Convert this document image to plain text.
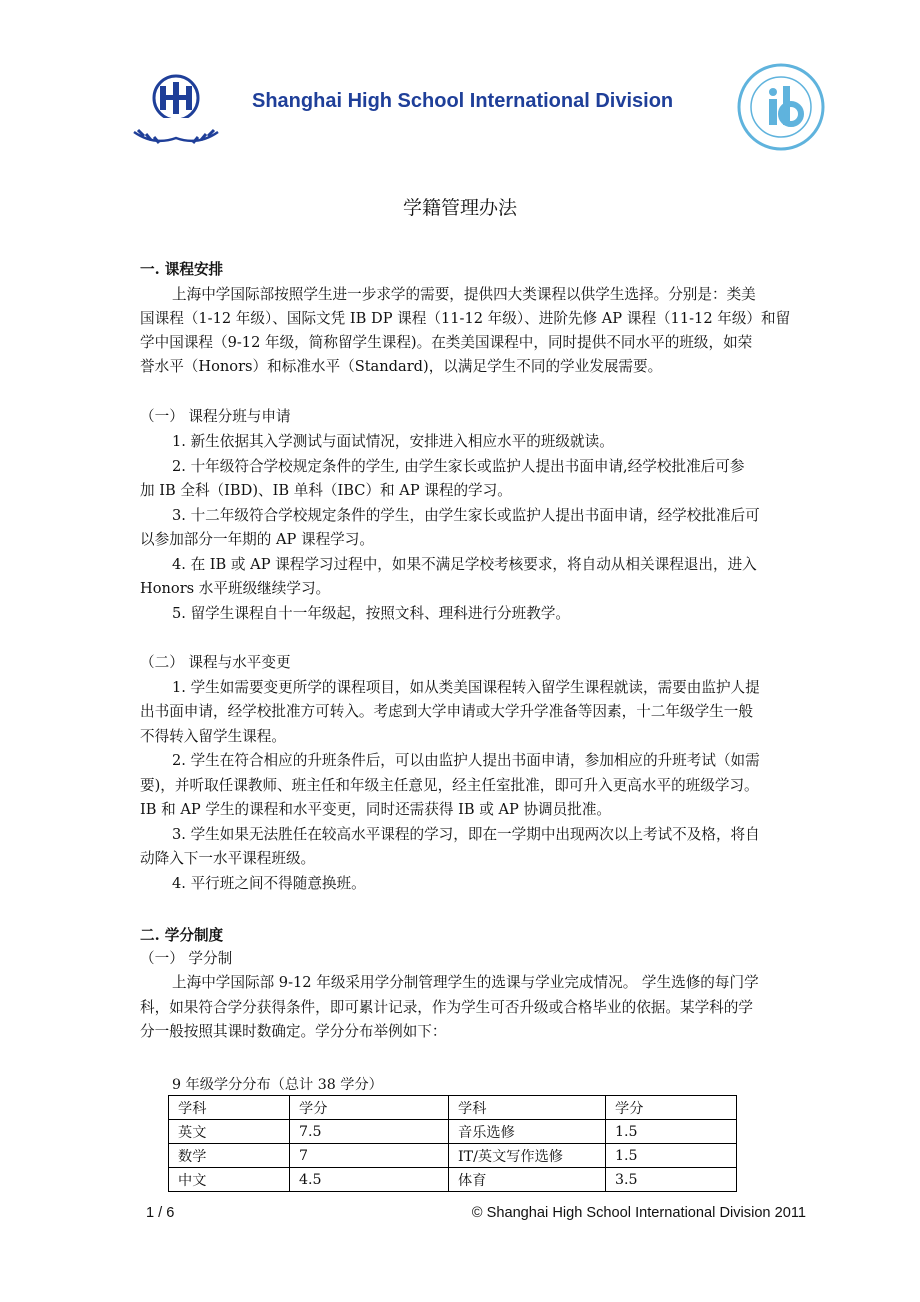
Shanghai High School International Division
学籍管理办法
一. 课程安排
上海中学国际部按照学生进一步求学的需要，提供四大类课程以供学生选择。分别是：类美
国课程（1-12 年级）、国际文凭 IB DP 课程（11-12 年级）、进阶先修 AP 课程（11-12 年级）和留
学中国课程（9-12 年级，简称留学生课程)。在类美国课程中，同时提供不同水平的班级，如荣
誉水平（Honors）和标准水平（Standard)，以满足学生不同的学业发展需要。
（一） 课程分班与申请
1. 新生依据其入学测试与面试情况，安排进入相应水平的班级就读。
2. 十年级符合学校规定条件的学生, 由学生家长或监护人提出书面申请,经学校批准后可参
加 IB 全科（IBD)、IB 单科（IBC）和 AP 课程的学习。
3. 十二年级符合学校规定条件的学生，由学生家长或监护人提出书面申请，经学校批准后可
以参加部分一年期的 AP 课程学习。
4. 在 IB 或 AP 课程学习过程中，如果不满足学校考核要求，将自动从相关课程退出，进入
Honors 水平班级继续学习。
5. 留学生课程自十一年级起，按照文科、理科进行分班教学。
（二） 课程与水平变更
1. 学生如需要变更所学的课程项目，如从类美国课程转入留学生课程就读，需要由监护人提
出书面申请，经学校批准方可转入。考虑到大学申请或大学升学准备等因素，十二年级学生一般
不得转入留学生课程。
2. 学生在符合相应的升班条件后，可以由监护人提出书面申请，参加相应的升班考试（如需
要)，并听取任课教师、班主任和年级主任意见，经主任室批准，即可升入更高水平的班级学习。
IB 和 AP 学生的课程和水平变更，同时还需获得 IB 或 AP 协调员批准。
3. 学生如果无法胜任在较高水平课程的学习，即在一学期中出现两次以上考试不及格，将自
动降入下一水平课程班级。
4. 平行班之间不得随意换班。
二. 学分制度
（一） 学分制
上海中学国际部 9-12 年级采用学分制管理学生的选课与学业完成情况。 学生选修的每门学
科，如果符合学分获得条件，即可累计记录，作为学生可否升级或合格毕业的依据。某学科的学
分一般按照其课时数确定。学分分布举例如下：
9 年级学分分布（总计 38 学分）
学科	学分	学科	学分
英文	7.5	音乐选修	1.5
数学	7	IT/英文写作选修	1.5
中文	4.5	体育	3.5
1 / 6	© Shanghai High School International Division 2011
